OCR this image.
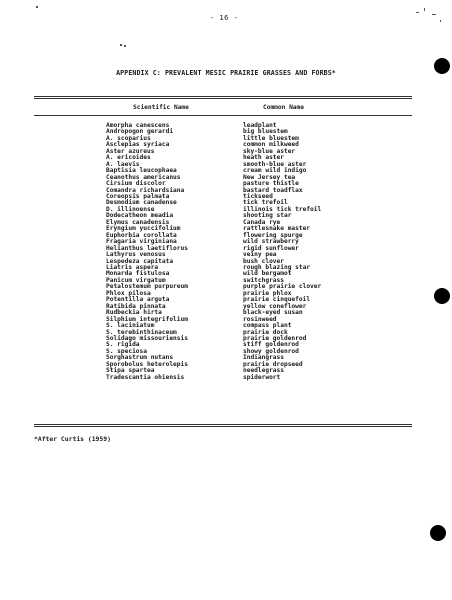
- 16 -
APPENDIX C: PREVALENT MESIC PRAIRIE GRASSES AND FORBS*
Scientific Name	Common Name
Amorpha canescens
Andropogon gerardi
A. scoparius
Asclepias syriaca
Aster azureus
A. ericoides
A. laevis
Baptisia leucophaea
Ceanothus americanus
Cirsium discolor
Comandra richardsiana
Coreopsis palmata
Desmodium canadense
D. illinoense
Dodecatheon meadia
Elymus canadensis
Eryngium yuccifolium
Euphorbia corollata
Fragaria virginiana
Helianthus laetiflorus
Lathyrus venosus
Lespedeza capitata
Liatris aspera
Monarda fistulosa
Panicum virgatum
Petalostemum purpureum
Phlox pilosa
Potentilla arguta
Ratibida pinnata
Rudbeckia hirta
Silphium integrifolium
S. laciniatum
S. terebinthinaceum
Solidago missouriensis
S. rigida
S. speciosa
Sorghastrum nutans
Sporobolus heterolepis
Stipa spartea
Tradescantia ohiensis
leadplant
big bluestem
little bluestem
common milkweed
sky-blue aster
heath aster
smooth-blue aster
cream wild indigo
New Jersey tea
pasture thistle
bastard toadflax
tickseed
tick trefoil
illinois tick trefoil
shooting star
Canada rye
rattlesnake master
flowering spurge
wild strawberry
rigid sunflower
veiny pea
bush clover
rough blazing star
wild bergamot
switchgrass
purple prairie clover
prairie phlox
prairie cinquefoil
yellow coneflower
black-eyed susan
rosinweed
compass plant
prairie dock
prairie goldenrod
stiff goldenrod
showy goldenrod
Indiangrass
prairie dropseed
needlegrass
spiderwort
*After Curtis (1959)
